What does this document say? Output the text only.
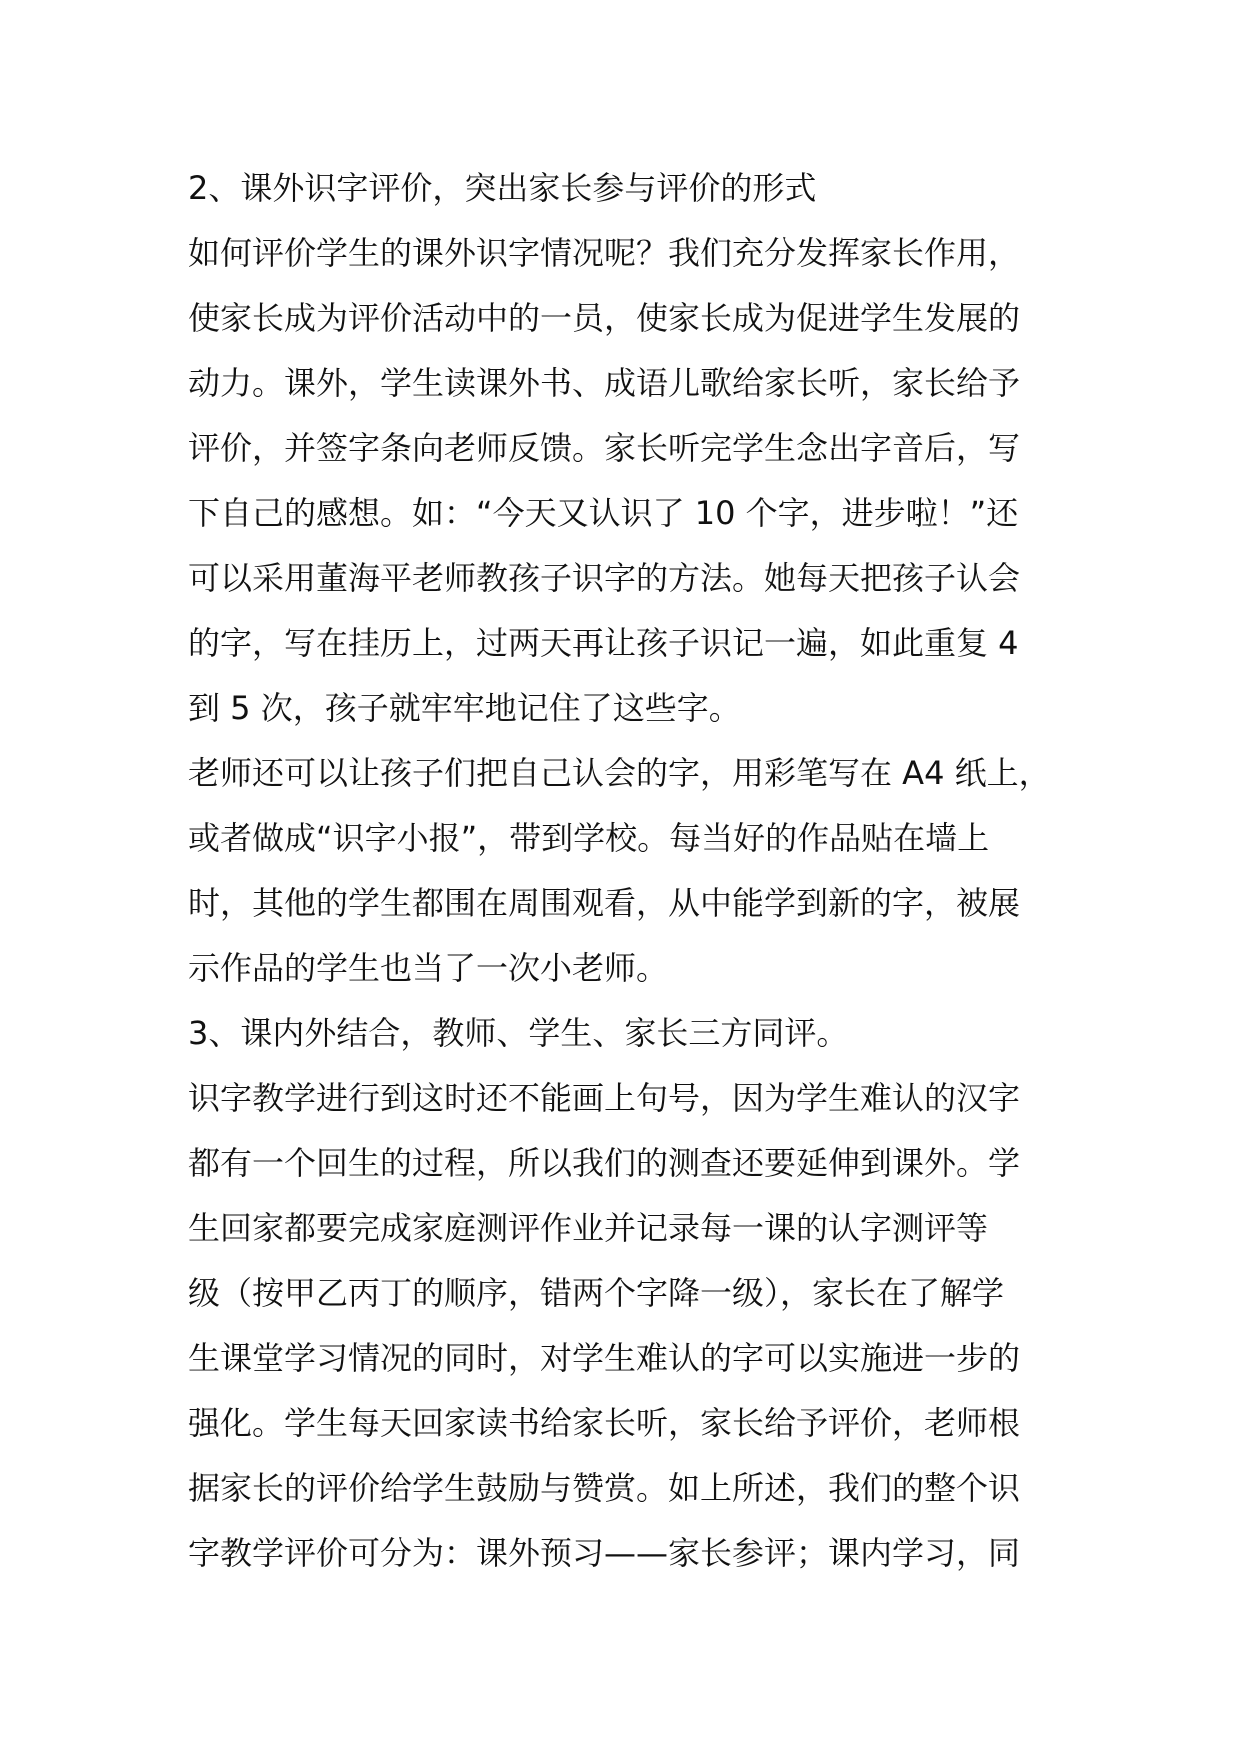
2、课外识字评价，突出家长参与评价的形式
如何评价学生的课外识字情况呢？我们充分发挥家长作用，
使家长成为评价活动中的一员，使家长成为促进学生发展的
动力。课外，学生读课外书、成语儿歌给家长听，家长给予
评价，并签字条向老师反馈。家长听完学生念出字音后，写
下自己的感想。如：“今天又认识了 10 个字，进步啦！”还
可以采用董海平老师教孩子识字的方法。她每天把孩子认会
的字，写在挂历上，过两天再让孩子识记一遍，如此重复 4
到 5 次，孩子就牢牢地记住了这些字。
老师还可以让孩子们把自己认会的字，用彩笔写在 A4 纸上，
或者做成“识字小报”，带到学校。每当好的作品贴在墙上
时，其他的学生都围在周围观看，从中能学到新的字，被展
示作品的学生也当了一次小老师。
3、课内外结合，教师、学生、家长三方同评。
识字教学进行到这时还不能画上句号，因为学生难认的汉字
都有一个回生的过程，所以我们的测查还要延伸到课外。学
生回家都要完成家庭测评作业并记录每一课的认字测评等
级（按甲乙丙丁的顺序，错两个字降一级），家长在了解学
生课堂学习情况的同时，对学生难认的字可以实施进一步的
强化。学生每天回家读书给家长听，家长给予评价，老师根
据家长的评价给学生鼓励与赞赏。如上所述，我们的整个识
字教学评价可分为：课外预习——家长参评；课内学习，同
